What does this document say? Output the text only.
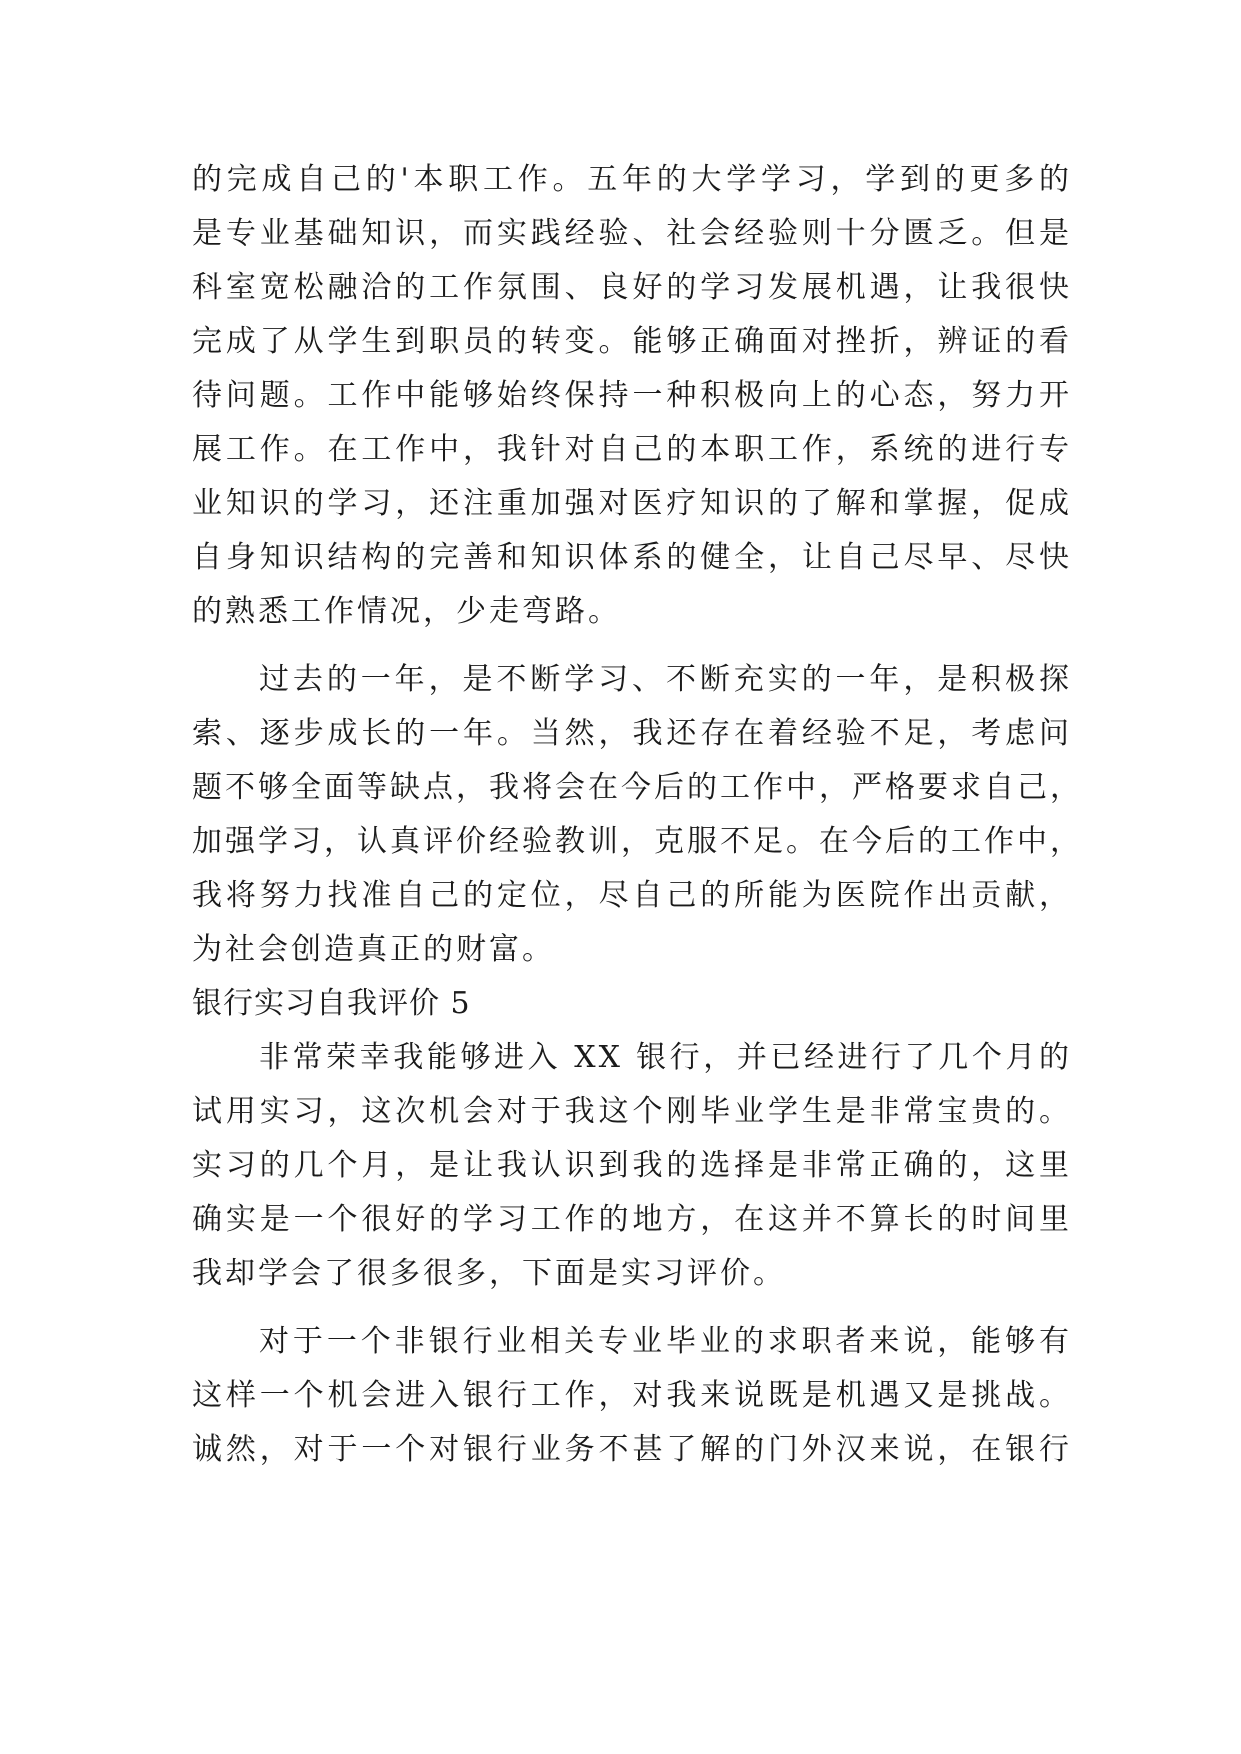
的完成自己的'本职工作。五年的大学学习，学到的更多的
是专业基础知识，而实践经验、社会经验则十分匮乏。但是
科室宽松融洽的工作氛围、良好的学习发展机遇，让我很快
完成了从学生到职员的转变。能够正确面对挫折，辨证的看
待问题。工作中能够始终保持一种积极向上的心态，努力开
展工作。在工作中，我针对自己的本职工作，系统的进行专
业知识的学习，还注重加强对医疗知识的了解和掌握，促成
自身知识结构的完善和知识体系的健全，让自己尽早、尽快
的熟悉工作情况，少走弯路。
过去的一年，是不断学习、不断充实的一年，是积极探
索、逐步成长的一年。当然，我还存在着经验不足，考虑问
题不够全面等缺点，我将会在今后的工作中，严格要求自己，
加强学习，认真评价经验教训，克服不足。在今后的工作中，
我将努力找准自己的定位，尽自己的所能为医院作出贡献，
为社会创造真正的财富。
银行实习自我评价 5
非常荣幸我能够进入 XX 银行，并已经进行了几个月的
试用实习，这次机会对于我这个刚毕业学生是非常宝贵的。
实习的几个月，是让我认识到我的选择是非常正确的，这里
确实是一个很好的学习工作的地方，在这并不算长的时间里
我却学会了很多很多，下面是实习评价。
对于一个非银行业相关专业毕业的求职者来说，能够有
这样一个机会进入银行工作，对我来说既是机遇又是挑战。
诚然，对于一个对银行业务不甚了解的门外汉来说，在银行
